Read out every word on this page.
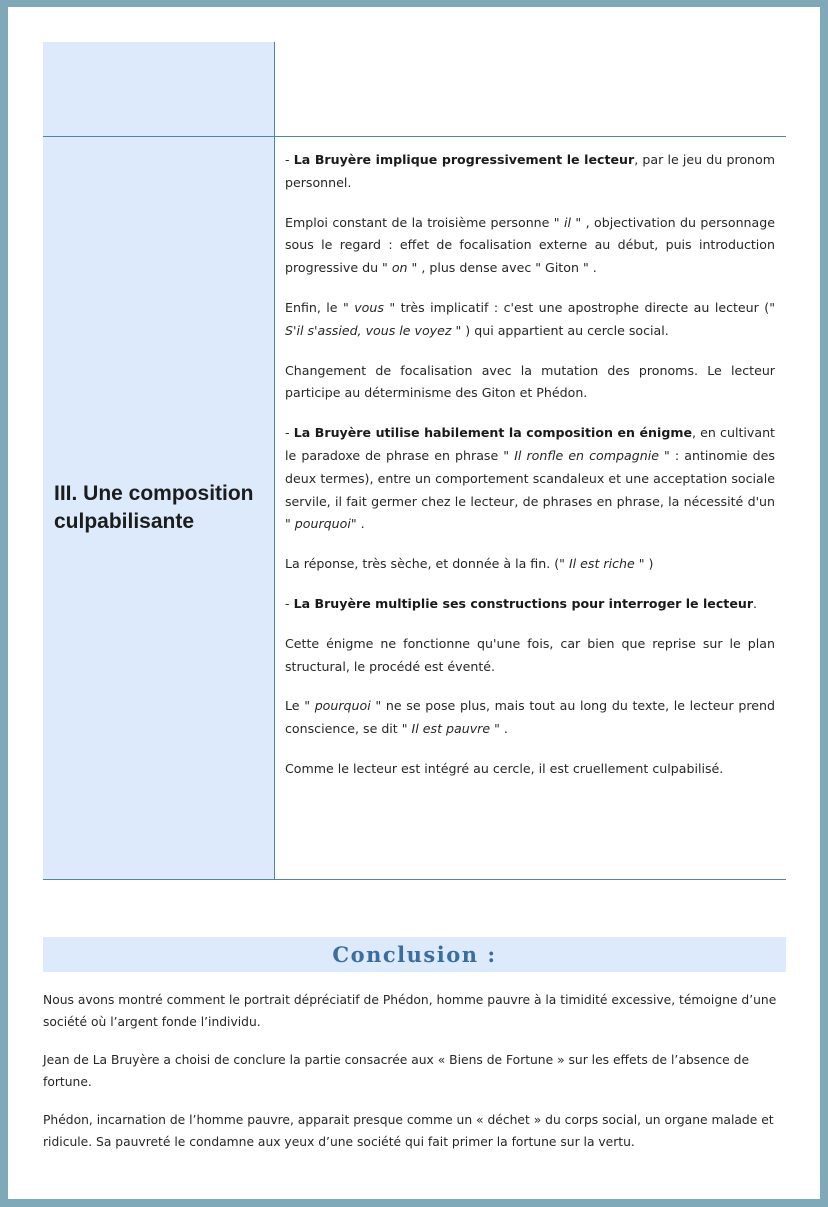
III. Une composition culpabilisante

- La Bruyère implique progressivement le lecteur, par le jeu du pronom personnel.

Emploi constant de la troisième personne " il " , objectivation du personnage sous le regard : effet de focalisation externe au début, puis introduction progressive du " on " , plus dense avec " Giton " .

Enfin, le " vous " très implicatif : c'est une apostrophe directe au lecteur (" S'il s'assied, vous le voyez " ) qui appartient au cercle social.

Changement de focalisation avec la mutation des pronoms. Le lecteur participe au déterminisme des Giton et Phédon.

- La Bruyère utilise habilement la composition en énigme, en cultivant le paradoxe de phrase en phrase " Il ronfle en compagnie " : antinomie des deux termes), entre un comportement scandaleux et une acceptation sociale servile, il fait germer chez le lecteur, de phrases en phrase, la nécessité d'un " pourquoi" .

La réponse, très sèche, et donnée à la fin. (" Il est riche " )

- La Bruyère multiplie ses constructions pour interroger le lecteur.

Cette énigme ne fonctionne qu'une fois, car bien que reprise sur le plan structural, le procédé est éventé.

Le " pourquoi " ne se pose plus, mais tout au long du texte, le lecteur prend conscience, se dit " Il est pauvre " .

Comme le lecteur est intégré au cercle, il est cruellement culpabilisé.

Conclusion :

Nous avons montré comment le portrait dépréciatif de Phédon, homme pauvre à la timidité excessive, témoigne d’une société où l’argent fonde l’individu.

Jean de La Bruyère a choisi de conclure la partie consacrée aux « Biens de Fortune » sur les effets de l’absence de fortune.

Phédon, incarnation de l’homme pauvre, apparait presque comme un « déchet » du corps social, un organe malade et ridicule. Sa pauvreté le condamne aux yeux d’une société qui fait primer la fortune sur la vertu.
